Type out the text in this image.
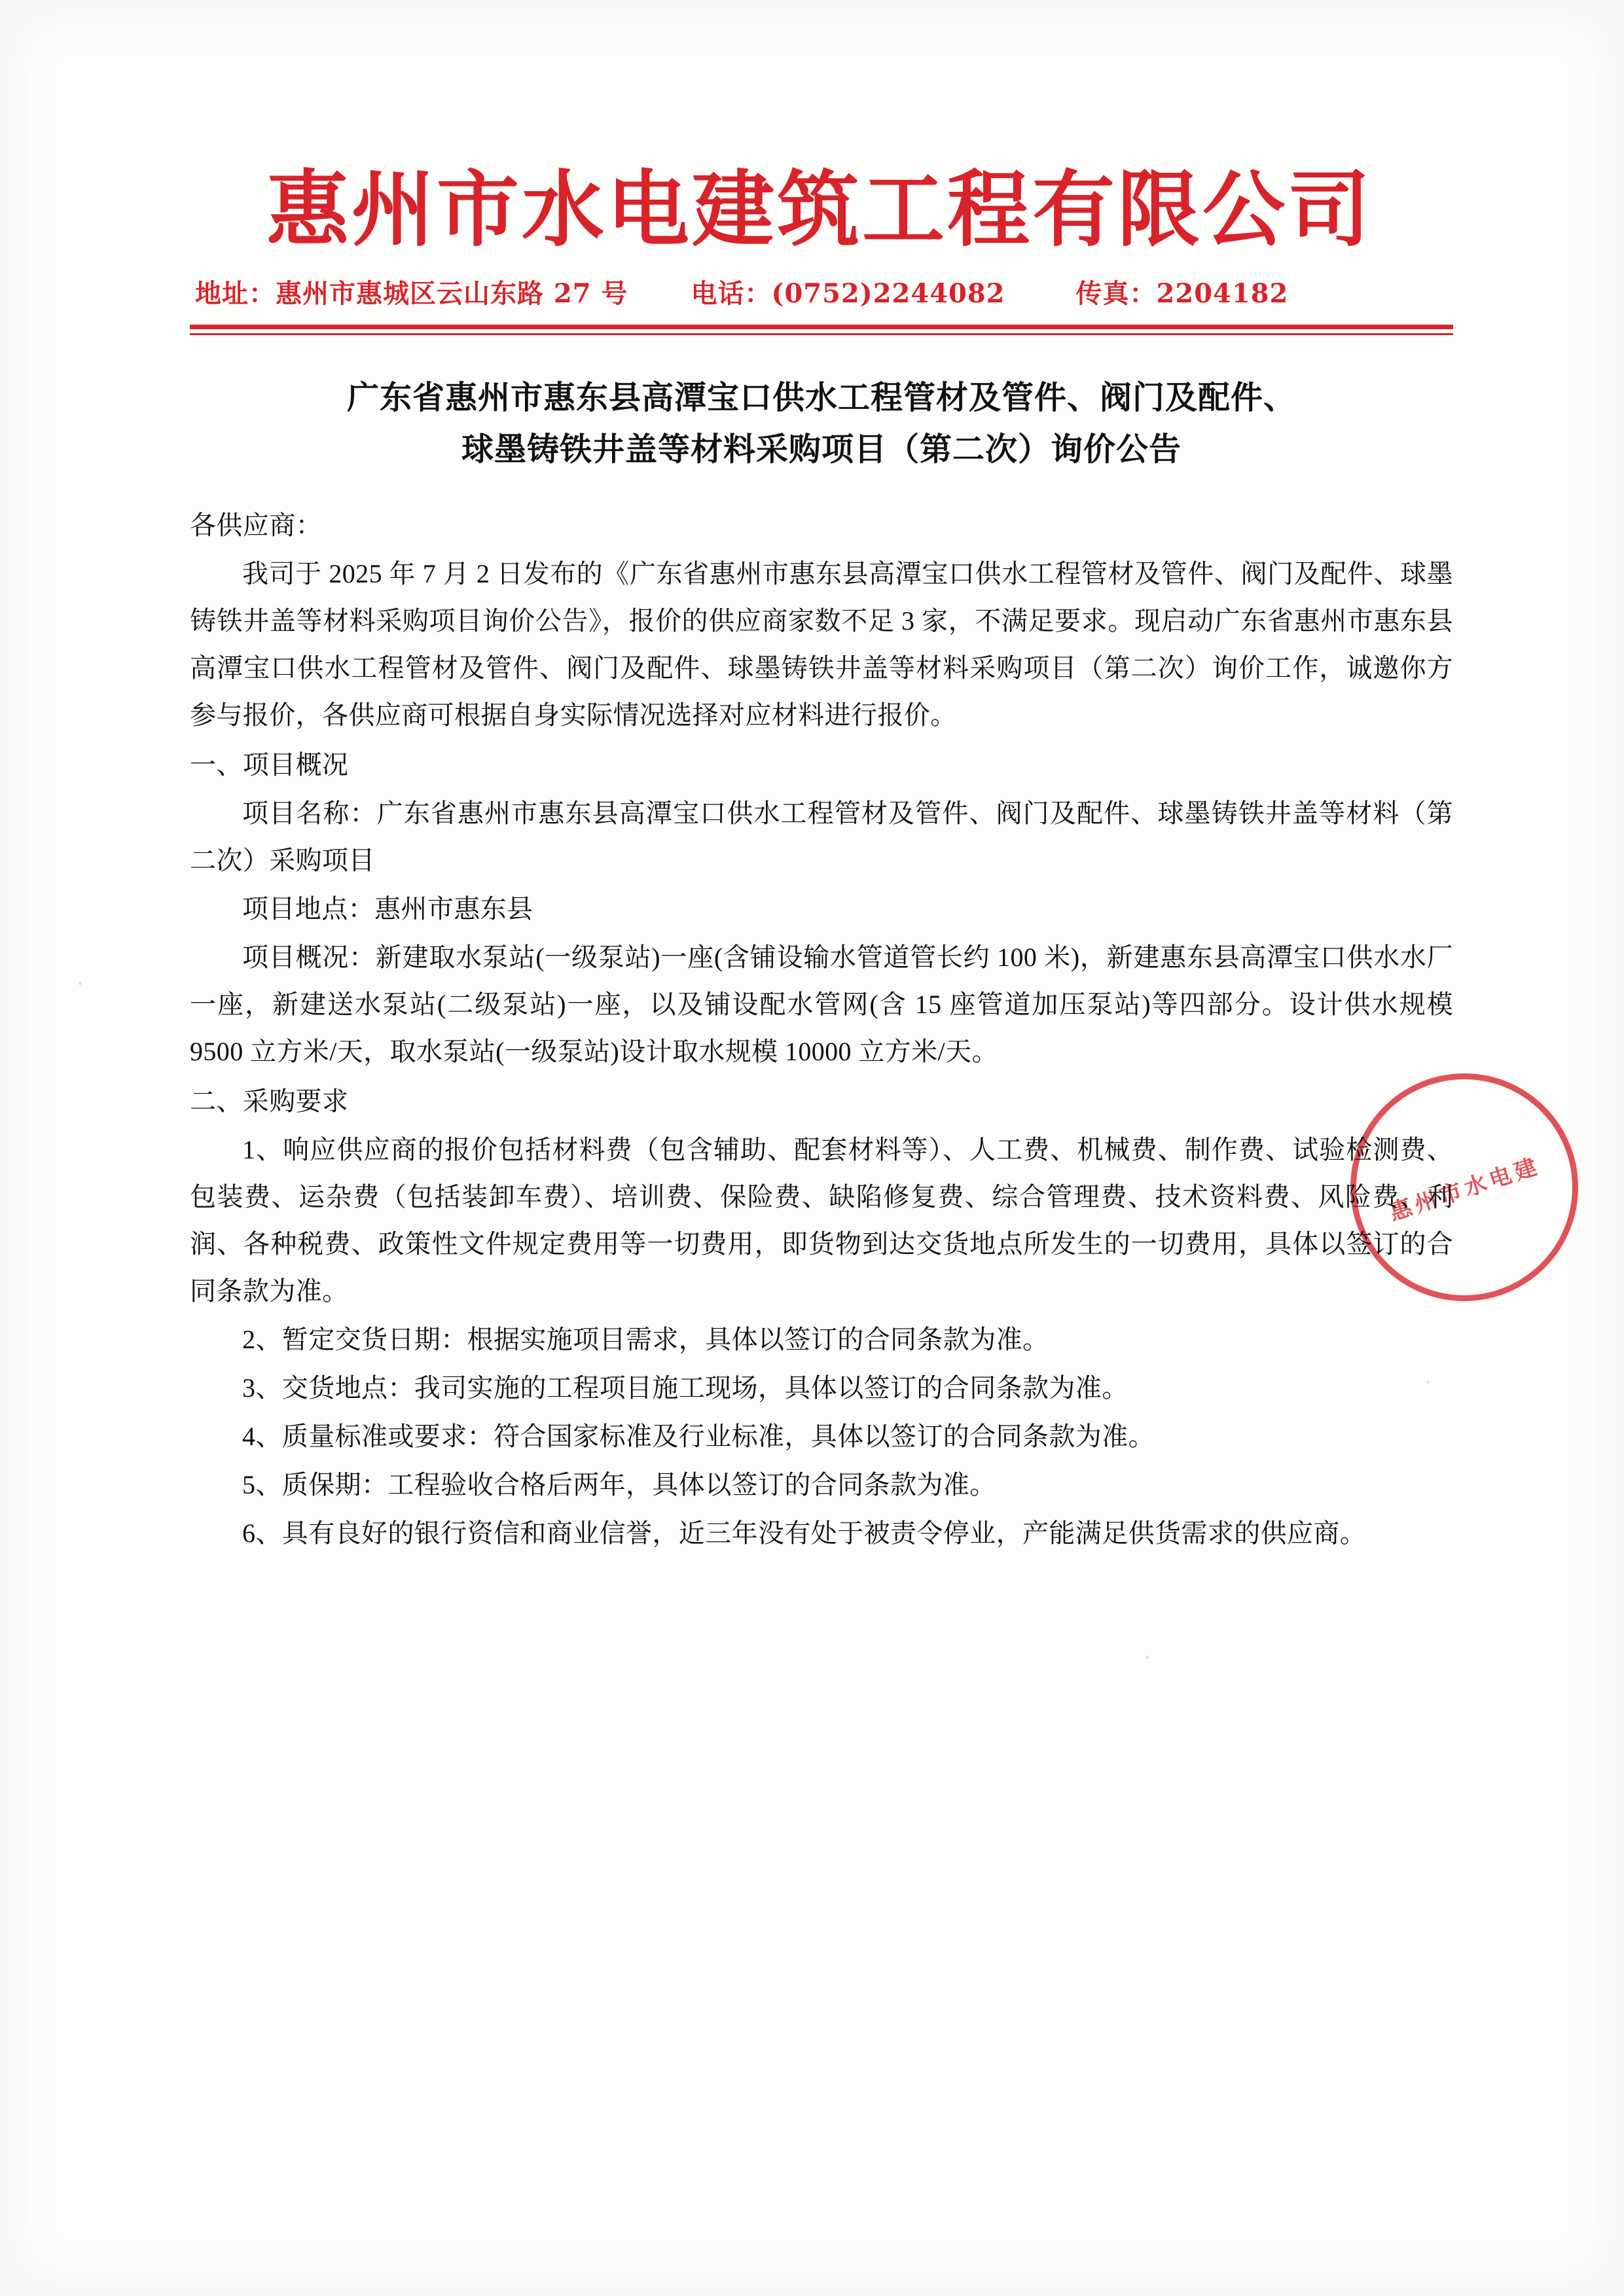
惠州市水电建
惠州市水电建筑工程有限公司
地址：惠州市惠城区云山东路 27 号 电话：(0752)2244082	传真：2204182
广东省惠州市惠东县高潭宝口供水工程管材及管件、阀门及配件、
球墨铸铁井盖等材料采购项目（第二次）询价公告

各供应商：

我司于 2025 年 7 月 2 日发布的《广东省惠州市惠东县高潭宝口供水工程管材及管件、阀门及配件、球墨铸铁井盖等材料采购项目询价公告》，报价的供应商家数不足 3 家，不满足要求。现启动广东省惠州市惠东县高潭宝口供水工程管材及管件、阀门及配件、球墨铸铁井盖等材料采购项目（第二次）询价工作，诚邀你方参与报价，各供应商可根据自身实际情况选择对应材料进行报价。

一、项目概况

项目名称：广东省惠州市惠东县高潭宝口供水工程管材及管件、阀门及配件、球墨铸铁井盖等材料（第二次）采购项目

项目地点：惠州市惠东县

项目概况：新建取水泵站(一级泵站)一座(含铺设输水管道管长约 100 米)，新建惠东县高潭宝口供水水厂一座，新建送水泵站(二级泵站)一座，以及铺设配水管网(含 15 座管道加压泵站)等四部分。设计供水规模 9500 立方米/天，取水泵站(一级泵站)设计取水规模 10000 立方米/天。

二、采购要求

1、响应供应商的报价包括材料费（包含辅助、配套材料等）、人工费、机械费、制作费、试验检测费、包装费、运杂费（包括装卸车费）、培训费、保险费、缺陷修复费、综合管理费、技术资料费、风险费、利润、各种税费、政策性文件规定费用等一切费用，即货物到达交货地点所发生的一切费用，具体以签订的合同条款为准。

2、暂定交货日期：根据实施项目需求，具体以签订的合同条款为准。

3、交货地点：我司实施的工程项目施工现场，具体以签订的合同条款为准。

4、质量标准或要求：符合国家标准及行业标准，具体以签订的合同条款为准。

5、质保期：工程验收合格后两年，具体以签订的合同条款为准。

6、具有良好的银行资信和商业信誉，近三年没有处于被责令停业，产能满足供货需求的供应商。
